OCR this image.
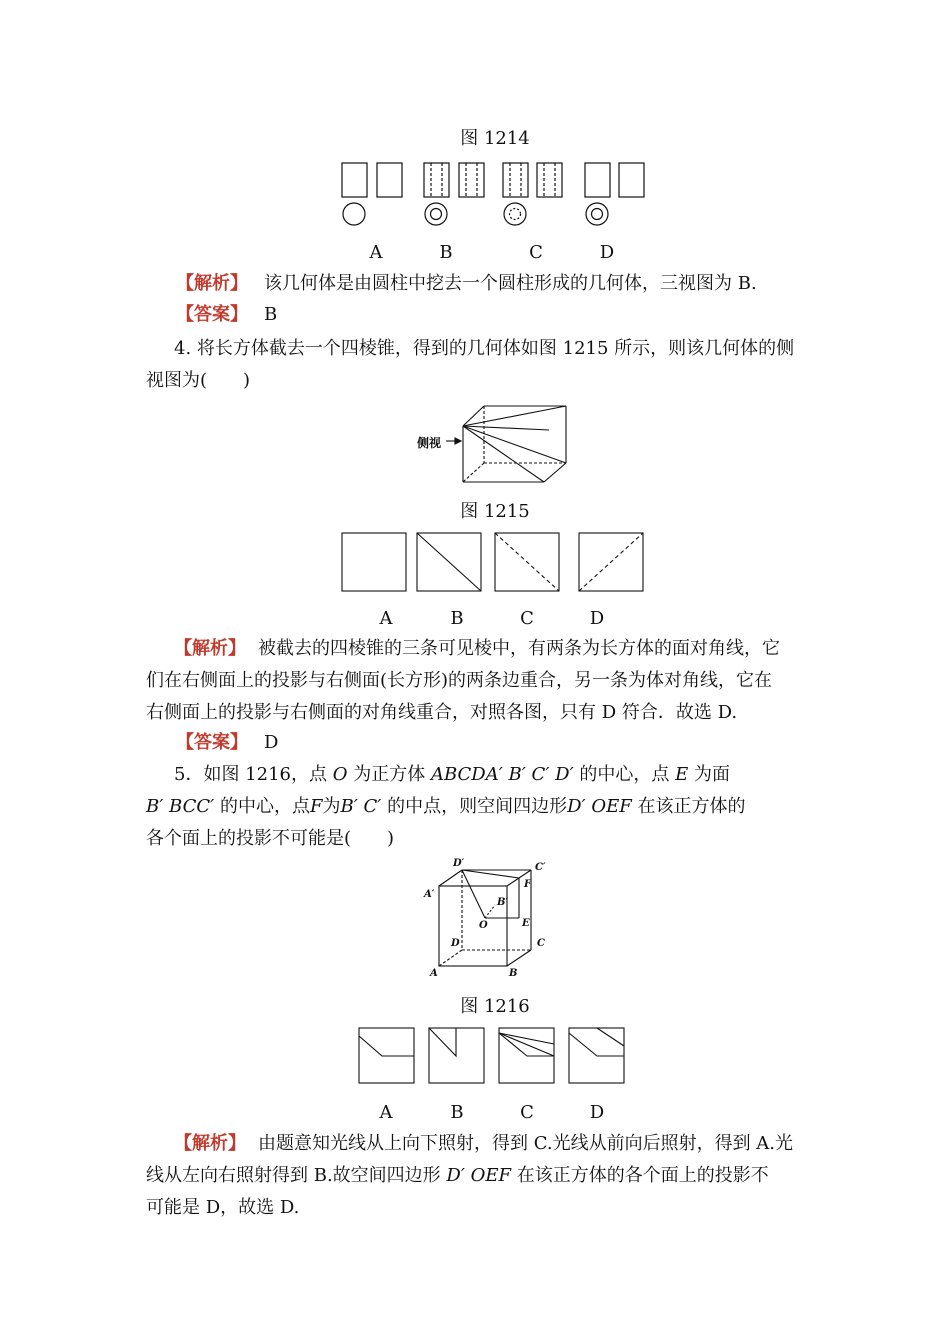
图 1214
A	B	C	D
【解析】 该几何体是由圆柱中挖去一个圆柱形成的几何体，三视图为 B.
【答案】 B
4. 将长方体截去一个四棱锥，得到的几何体如图 1215 所示，则该几何体的侧
视图为(　　)
侧视
图 1215
A	B	C	D
【解析】 被截去的四棱锥的三条可见棱中，有两条为长方体的面对角线，它
们在右侧面上的投影与右侧面(长方形)的两条边重合，另一条为体对角线，它在
右侧面上的投影与右侧面的对角线重合，对照各图，只有 D 符合．故选 D.
【答案】 D
5．如图 1216，点 O 为正方体 ABCDA′ B′ C′ D′ 的中心，点 E 为面
B′ BCC′ 的中心，点F为B′ C′ 的中点，则空间四边形D′ OEF 在该正方体的
各个面上的投影不可能是(　　)
D′	C′
A′
F
B′
O	E
D	C
A	B
图 1216
A	B	C	D
【解析】 由题意知光线从上向下照射，得到 C.光线从前向后照射，得到 A.光
线从左向右照射得到 B.故空间四边形 D′ OEF 在该正方体的各个面上的投影不
可能是 D，故选 D.
